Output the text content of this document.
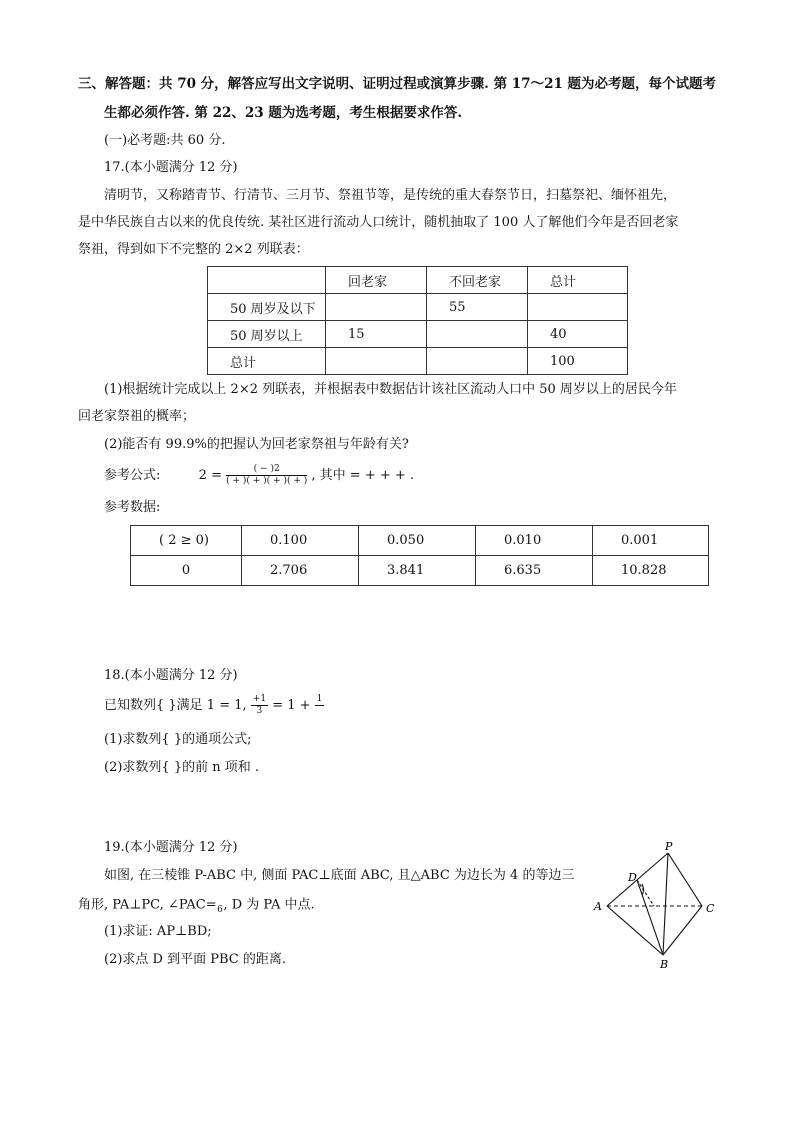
三、解答题：共 70 分，解答应写出文字说明、证明过程或演算步骤. 第 17～21 题为必考题，每个试题考
生都必须作答. 第 22、23 题为选考题，考生根据要求作答.
(一)必考题:共 60 分.
17.(本小题满分 12 分)
清明节，又称踏青节、行清节、三月节、祭祖节等，是传统的重大春祭节日，扫墓祭祀、缅怀祖先，
是中华民族自古以来的优良传统. 某社区进行流动人口统计，随机抽取了 100 人了解他们今年是否回老家
祭祖，得到如下不完整的 2×2 列联表：
	回老家	不回老家	总计
50 周岁及以下		55	
50 周岁以上	15		40
总计			100
(1)根据统计完成以上 2×2 列联表，并根据表中数据估计该社区流动人口中 50 周岁以上的居民今年
回老家祭祖的概率；
(2)能否有 99.9%的把握认为回老家祭祖与年龄有关?
参考公式:	$2 = \frac{( - )2}{( + )( + )( + )( + )}$ , 其中 = + + + .
参考数据:
( 2 ≥ 0)	0.100	0.050	0.010	0.001
0	2.706	3.841	6.635	10.828
18.(本小题满分 12 分)
已知数列{ }满足 1 = 1, $\frac{+1}{3} = 1 + 1$

(1)求数列{ }的通项公式;
(2)求数列{ }的前 n 项和 .
19.(本小题满分 12 分)
如图, 在三棱锥 P-ABC 中, 侧面 PAC⊥底面 ABC, 且△ABC 为边长为 4 的等边三
角形, PA⊥PC, ∠PAC=
6 , D 为 PA 中点.
(1)求证: AP⊥BD;
(2)求点 D 到平面 PBC 的距离.
P
D
A	C
B
